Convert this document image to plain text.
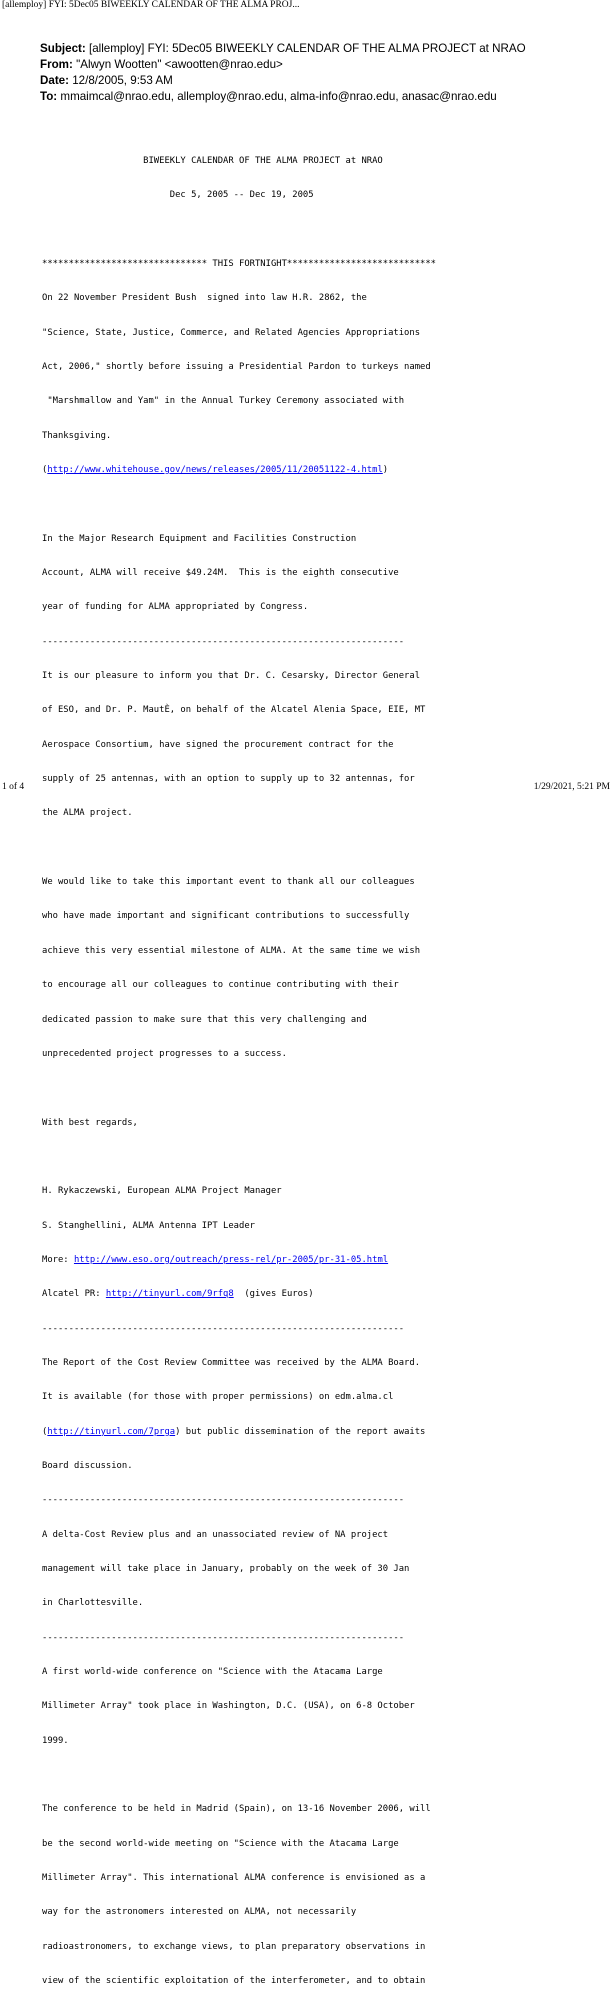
[allemploy] FYI: 5Dec05 BIWEEKLY CALENDAR OF THE ALMA PROJ...
Subject: [allemploy] FYI: 5Dec05 BIWEEKLY CALENDAR OF THE ALMA PROJECT at NRAO
From: "Alwyn Wootten" <awootten@nrao.edu>
Date: 12/8/2005, 9:53 AM
To: mmaimcal@nrao.edu, allemploy@nrao.edu, alma-info@nrao.edu, anasac@nrao.edu

BIWEEKLY CALENDAR OF THE ALMA PROJECT at NRAO

Dec 5, 2005 -- Dec 19, 2005

******************************* THIS FORTNIGHT****************************

On 22 November President Bush  signed into law H.R. 2862, the

"Science, State, Justice, Commerce, and Related Agencies Appropriations

Act, 2006," shortly before issuing a Presidential Pardon to turkeys named

"Marshmallow and Yam" in the Annual Turkey Ceremony associated with

Thanksgiving.

(http://www.whitehouse.gov/news/releases/2005/11/20051122-4.html)

In the Major Research Equipment and Facilities Construction

Account, ALMA will receive $49.24M.  This is the eighth consecutive

year of funding for ALMA appropriated by Congress.

--------------------------------------------------------------------

It is our pleasure to inform you that Dr. C. Cesarsky, Director General

of ESO, and Dr. P. MautÈ, on behalf of the Alcatel Alenia Space, EIE, MT

Aerospace Consortium, have signed the procurement contract for the

supply of 25 antennas, with an option to supply up to 32 antennas, for

the ALMA project.

We would like to take this important event to thank all our colleagues

who have made important and significant contributions to successfully

achieve this very essential milestone of ALMA. At the same time we wish

to encourage all our colleagues to continue contributing with their

dedicated passion to make sure that this very challenging and

unprecedented project progresses to a success.

With best regards,

H. Rykaczewski, European ALMA Project Manager

S. Stanghellini, ALMA Antenna IPT Leader

More: http://www.eso.org/outreach/press-rel/pr-2005/pr-31-05.html

Alcatel PR: http://tinyurl.com/9rfq8  (gives Euros)

--------------------------------------------------------------------

The Report of the Cost Review Committee was received by the ALMA Board.

It is available (for those with proper permissions) on edm.alma.cl

(http://tinyurl.com/7prga) but public dissemination of the report awaits

Board discussion.

--------------------------------------------------------------------

A delta-Cost Review plus and an unassociated review of NA project

management will take place in January, probably on the week of 30 Jan

in Charlottesville.

--------------------------------------------------------------------

A first world-wide conference on "Science with the Atacama Large

Millimeter Array" took place in Washington, D.C. (USA), on 6-8 October

1999.

The conference to be held in Madrid (Spain), on 13-16 November 2006, will

be the second world-wide meeting on "Science with the Atacama Large

Millimeter Array". This international ALMA conference is envisioned as a

way for the astronomers interested on ALMA, not necessarily

radioastronomers, to exchange views, to plan preparatory observations in

view of the scientific exploitation of the interferometer, and to obtain

1 of 4	1/29/2021, 5:21 PM
